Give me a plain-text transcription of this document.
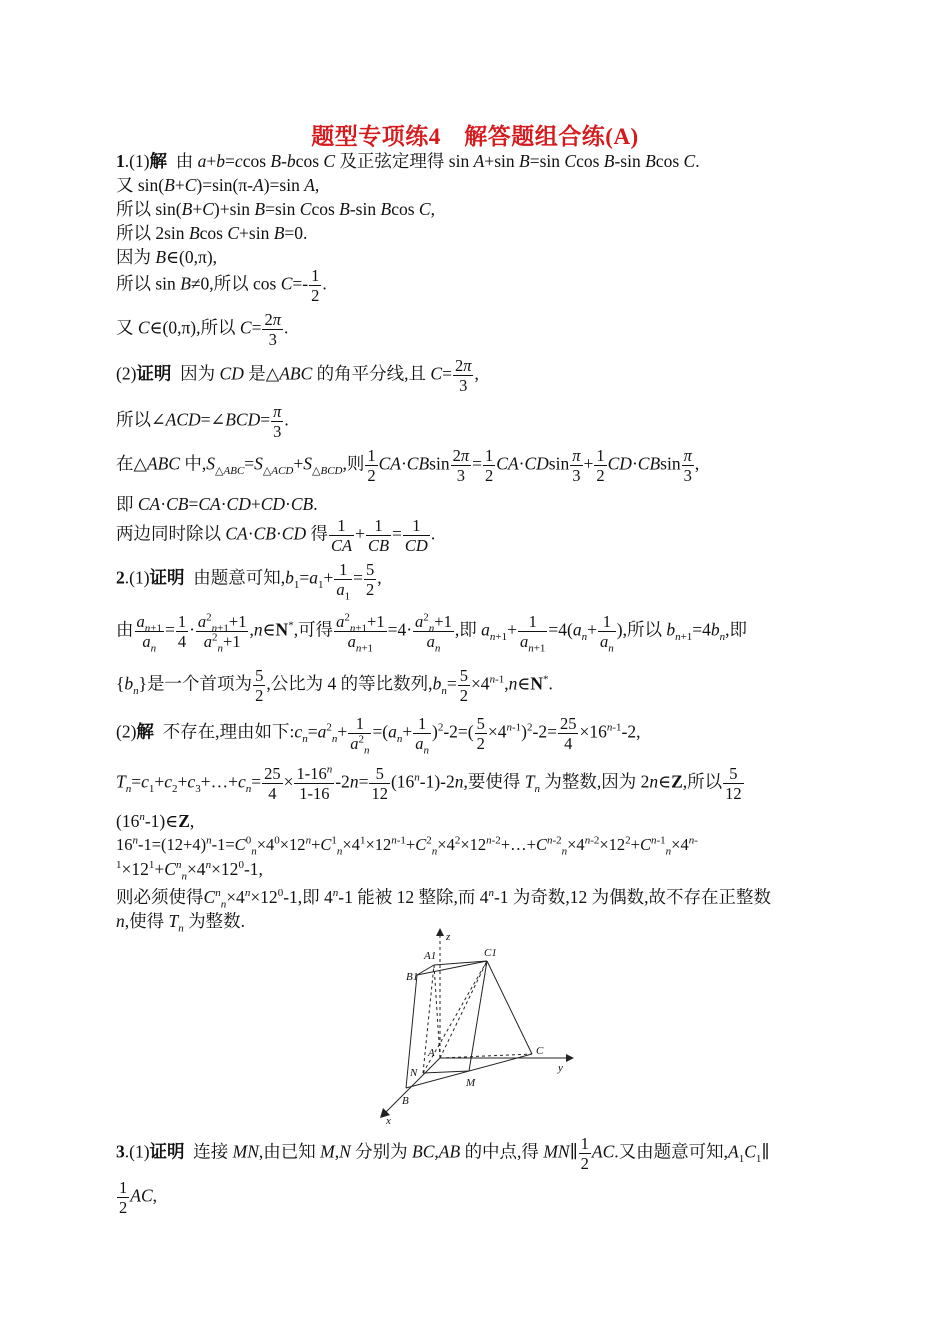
题型专项练4　解答题组合练(A)
1.(1)解  由 a+b=ccos B-bcos C 及正弦定理得 sin A+sin B=sin Ccos B-sin Bcos C.
又 sin(B+C)=sin(π-A)=sin A,
所以 sin(B+C)+sin B=sin Ccos B-sin Bcos C,
所以 2sin Bcos C+sin B=0.
因为 B∈(0,π),
所以 sin B≠0,所以 $\cos C=- \frac{1}{2}$ .
又 C∈(0,π),所以 $C= \frac{2\pi}{3}$ .
(2)证明  因为 CD 是△ABC 的角平分线,且 $C= \frac{2\pi}{3}$ ,
所以∠ACD=∠BCD= $\frac{\pi}{3}$ .
在△ABC 中$,S_{\triangle ABC}=S_{\triangle ACD}+S_{\triangle BCD}$,则 $\frac{1}{2} CA\cdot CBsin \frac{2\pi}{3} = \frac{1}{2} CA\cdot CDsin \frac{\pi}{3} + \frac{1}{2} CD\cdot CBsin \frac{\pi}{3}$ ,
即 CA·CB=CA·CD+CD·CB.
两边同时除以 CA·CB·CD 得 $\frac{1}{CA} + \frac{1}{CB} = \frac{1}{CD}$ .
2.(1)证明  由题意可知$,b_1=a_1+ \frac{1}{a_1} = \frac{5}{2}$ ,
由 $\frac{a_{n+1}}{a_n} = \frac{1}{4} \cdot \frac{a^2_{n+1}+1}{a^2_n+1}$ ,n∈N*,可得 $\frac{a^2_{n+1}+1}{a_{n+1}} =4\cdot \frac{a^2_n+1}{a_n}$ ,即 $a_{n+1}+ \frac{1}{a_{n+1}} =4(a_n+ \frac{1}{a_n}$ ),所以 $b_{n+1}=4b_n$,即
$\{b_n\}$是一个首项为 $\frac{5}{2}$ ,公比为 4 的等比数列$,b_n= \frac{5}{2}$ $\times 4^{n-1},n\in N^*$.
(2)解  不存在,理由如下$:c_n=a^2_n+ \frac{1}{a^2_n} =(a_n+ \frac{1}{a_n} )^2-2=( \frac{5}{2} \times 4^{n-1})^2-2= \frac{25}{4} \times 16^{n-1}-2$,
$T_n=c_1+c_2+c_3+\dots+c_n= \frac{25}{4} \times \frac{1-16^n}{1-16} -2n= \frac{5}{12} (16^n-1)-2n$,要使得 $T_n$ 为整数,因为 2n∈Z,所以 $\frac{5}{12}$
(16$^n$-1)∈Z,
$16^n-1=(12+4)^n-1=C^0_n\times 4^0\times 12^n+C^1_n\times 4^1\times 12^{n-1}+C^2_n\times 4^2\times 12^{n-2}+\dots+C^{n-2}_n\times 4^{n-2}\times 12^2+C^{n-1}_n\times 4^{n-}$
$^1\times 12^1+C^n_n\times 4^n\times 12^0-1$,
则必须使得$C^n_n\times 4^n\times 12^0-1$,即 4$^n$-1 能被 12 整除,而 4$^n$-1 为奇数,12 为偶数,故不存在正整数
n,使得 $T_n$ 为整数.
z
A1	C1
B1
A	C
y
N
M
B
x
3.(1)证明  连接 MN,由已知 M,N 分别为 BC,AB 的中点,得 MN∥ $\frac{1}{2}$ AC.又由题意可知$,A_1C_1\parallel$
$\frac{1}{2}$ AC,
